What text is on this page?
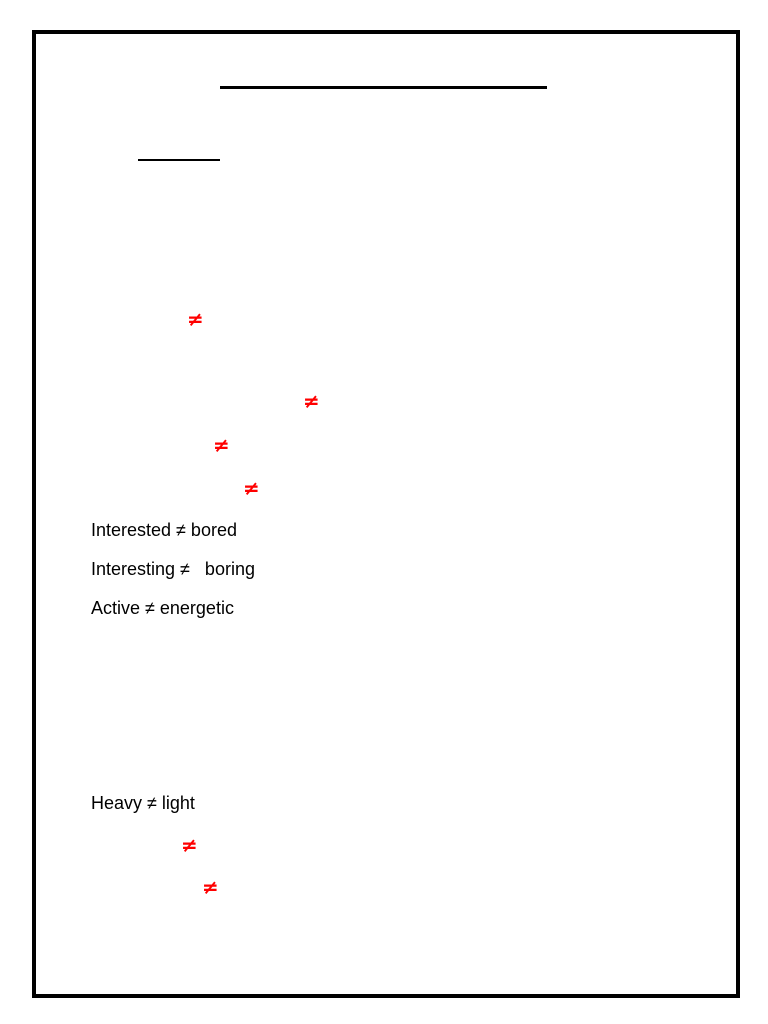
≠
≠
≠
≠
Interested ≠ bored
Interesting ≠   boring
Active ≠ energetic
Heavy ≠ light
≠
≠
